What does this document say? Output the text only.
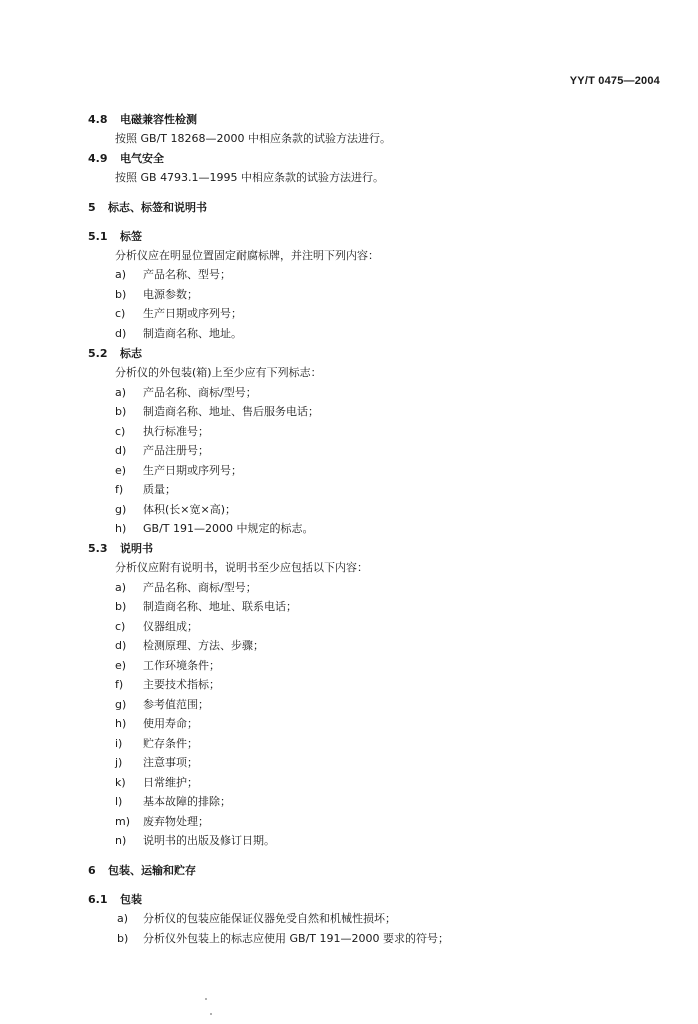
YY/T 0475—2004
4.8 电磁兼容性检测
按照 GB/T 18268—2000 中相应条款的试验方法进行。
4.9 电气安全
按照 GB 4793.1—1995 中相应条款的试验方法进行。
5 标志、标签和说明书
5.1 标签
分析仪应在明显位置固定耐腐标牌，并注明下列内容：
a) 产品名称、型号；
b) 电源参数；
c) 生产日期或序列号；
d) 制造商名称、地址。
5.2 标志
分析仪的外包装(箱)上至少应有下列标志：
a) 产品名称、商标/型号；
b) 制造商名称、地址、售后服务电话；
c) 执行标准号；
d) 产品注册号；
e) 生产日期或序列号；
f) 质量；
g) 体积(长×宽×高)；
h) GB/T 191—2000 中规定的标志。
5.3 说明书
分析仪应附有说明书，说明书至少应包括以下内容：
a) 产品名称、商标/型号；
b) 制造商名称、地址、联系电话；
c) 仪器组成；
d) 检测原理、方法、步骤；
e) 工作环境条件；
f) 主要技术指标；
g) 参考值范围；
h) 使用寿命；
i) 贮存条件；
j) 注意事项；
k) 日常维护；
l) 基本故障的排除；
m) 废弃物处理；
n) 说明书的出版及修订日期。
6 包装、运输和贮存
6.1 包装
a) 分析仪的包装应能保证仪器免受自然和机械性损坏；
b) 分析仪外包装上的标志应使用 GB/T 191—2000 要求的符号；
